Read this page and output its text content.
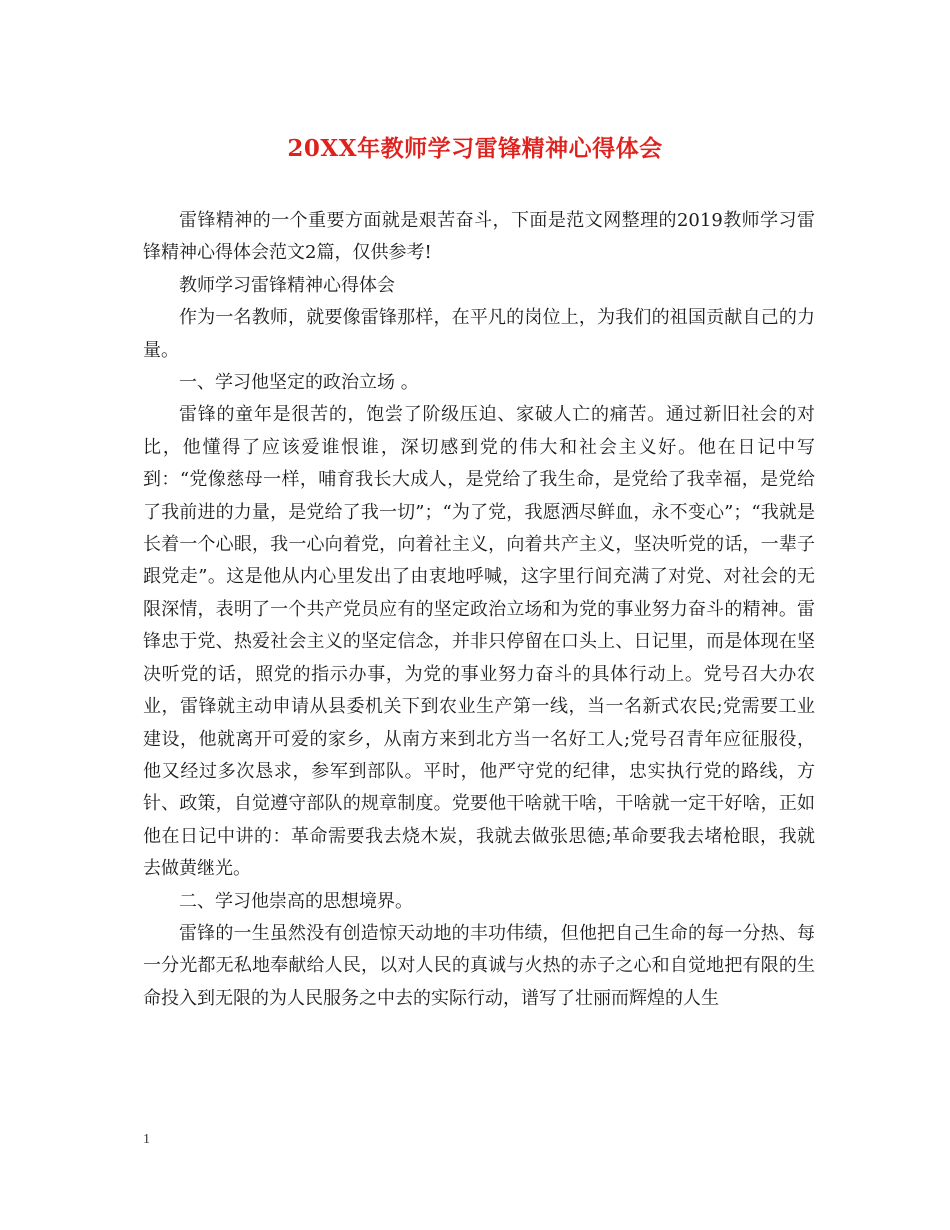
20XX年教师学习雷锋精神心得体会

雷锋精神的一个重要方面就是艰苦奋斗，下面是范文网整理的2019教师学习雷锋精神心得体会范文2篇，仅供参考!

教师学习雷锋精神心得体会

作为一名教师，就要像雷锋那样，在平凡的岗位上，为我们的祖国贡献自己的力量。

一、学习他坚定的政治立场 。

雷锋的童年是很苦的，饱尝了阶级压迫、家破人亡的痛苦。通过新旧社会的对比，他懂得了应该爱谁恨谁，深切感到党的伟大和社会主义好。他在日记中写到：“党像慈母一样，哺育我长大成人，是党给了我生命，是党给了我幸福，是党给了我前进的力量，是党给了我一切”；“为了党，我愿洒尽鲜血，永不变心”；“我就是长着一个心眼，我一心向着党，向着社主义，向着共产主义，坚决听党的话，一辈子跟党走”。这是他从内心里发出了由衷地呼喊，这字里行间充满了对党、对社会的无限深情，表明了一个共产党员应有的坚定政治立场和为党的事业努力奋斗的精神。雷锋忠于党、热爱社会主义的坚定信念，并非只停留在口头上、日记里，而是体现在坚决听党的话，照党的指示办事，为党的事业努力奋斗的具体行动上。党号召大办农业，雷锋就主动申请从县委机关下到农业生产第一线，当一名新式农民;党需要工业建设，他就离开可爱的家乡，从南方来到北方当一名好工人;党号召青年应征服役，他又经过多次恳求，参军到部队。平时，他严守党的纪律，忠实执行党的路线，方针、政策，自觉遵守部队的规章制度。党要他干啥就干啥，干啥就一定干好啥，正如他在日记中讲的：革命需要我去烧木炭，我就去做张思德;革命要我去堵枪眼，我就去做黄继光。

二、学习他崇高的思想境界。

雷锋的一生虽然没有创造惊天动地的丰功伟绩，但他把自己生命的每一分热、每一分光都无私地奉献给人民，以对人民的真诚与火热的赤子之心和自觉地把有限的生命投入到无限的为人民服务之中去的实际行动，谱写了壮丽而辉煌的人生

1
